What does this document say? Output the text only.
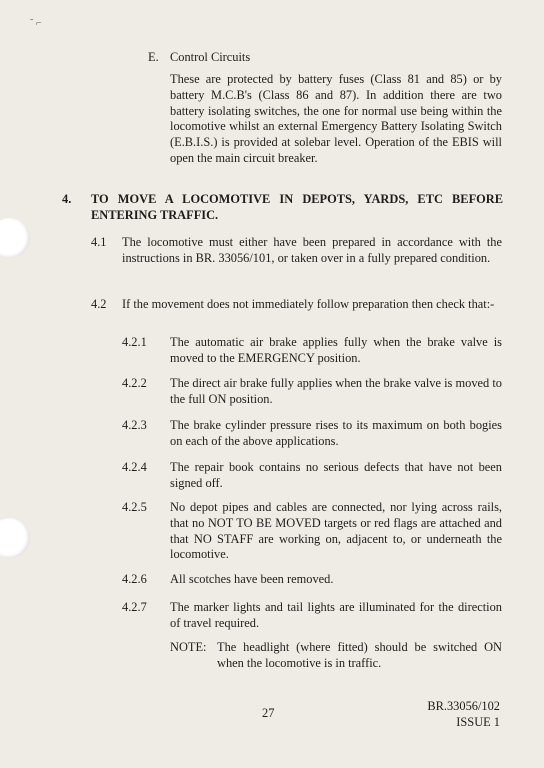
˜ ⌐
E. Control Circuits
These are protected by battery fuses (Class 81 and 85) or by battery M.C.B's (Class 86 and 87). In addition there are two battery isolating switches, the one for normal use being within the locomotive whilst an external Emergency Battery Isolating Switch (E.B.I.S.) is provided at solebar level. Operation of the EBIS will open the main circuit breaker.
4. TO MOVE A LOCOMOTIVE IN DEPOTS, YARDS, ETC BEFORE ENTERING TRAFFIC.
4.1 The locomotive must either have been prepared in accordance with the instructions in BR. 33056/101, or taken over in a fully prepared condition.
4.2 If the movement does not immediately follow preparation then check that:-
4.2.1 The automatic air brake applies fully when the brake valve is moved to the EMERGENCY position.
4.2.2 The direct air brake fully applies when the brake valve is moved to the full ON position.
4.2.3 The brake cylinder pressure rises to its maximum on both bogies on each of the above applications.
4.2.4 The repair book contains no serious defects that have not been signed off.
4.2.5 No depot pipes and cables are connected, nor lying across rails, that no NOT TO BE MOVED targets or red flags are attached and that NO STAFF are working on, adjacent to, or underneath the locomotive.
4.2.6 All scotches have been removed.
4.2.7 The marker lights and tail lights are illuminated for the direction of travel required.
NOTE: The headlight (where fitted) should be switched ON when the locomotive is in traffic.
27	BR.33056/102
ISSUE 1
